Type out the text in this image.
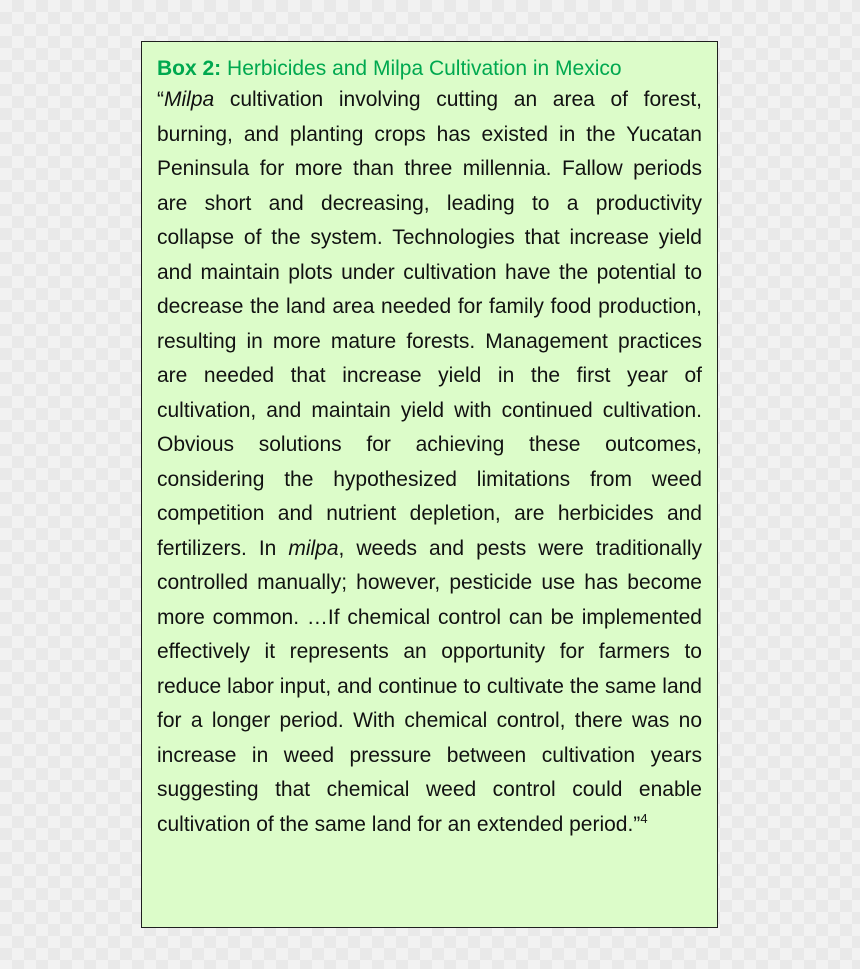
Box 2: Herbicides and Milpa Cultivation in Mexico

“Milpa cultivation involving cutting an area of forest, burning, and planting crops has existed in the Yucatan Peninsula for more than three millennia. Fallow periods are short and decreasing, leading to a productivity collapse of the system. Technologies that increase yield and maintain plots under cultivation have the potential to decrease the land area needed for family food production, resulting in more mature forests. Management practices are needed that increase yield in the first year of cultivation, and maintain yield with continued cultivation. Obvious solutions for achieving these outcomes, considering the hypothesized limitations from weed competition and nutrient depletion, are herbicides and fertilizers. In milpa, weeds and pests were traditionally controlled manually; however, pesticide use has become more common. …If chemical control can be implemented effectively it represents an opportunity for farmers to reduce labor input, and continue to cultivate the same land for a longer period. With chemical control, there was no increase in weed pressure between cultivation years suggesting that chemical weed control could enable cultivation of the same land for an extended period.”$^4$
